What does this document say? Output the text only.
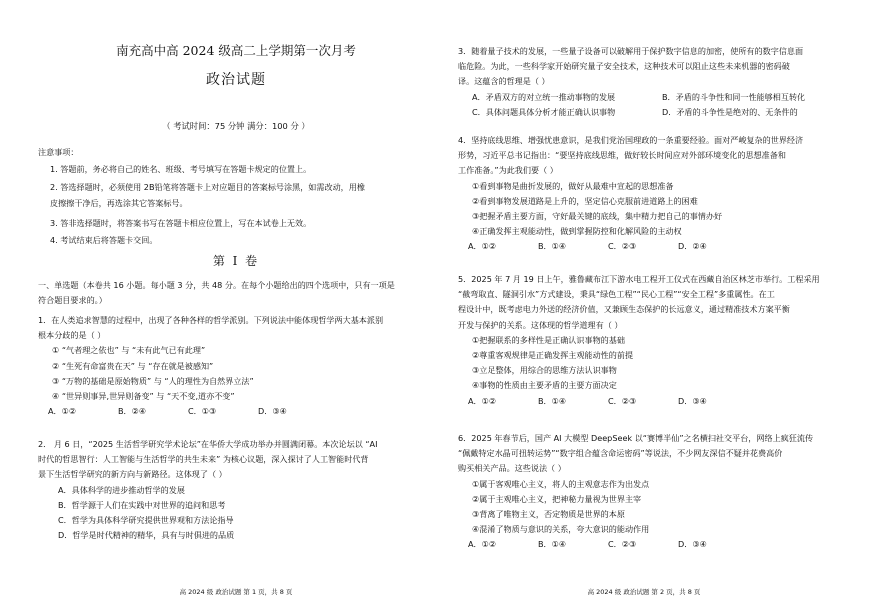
南充高中高 2024 级高二上学期第一次月考
政治试题
（ 考试时间：75 分钟 满分：100 分 ）
注意事项：
1. 答题前，务必将自己的姓名、班级、考号填写在答题卡规定的位置上。
2. 答选择题时，必须使用 2B铅笔将答题卡上对应题目的答案标号涂黑，如需改动，用橡
皮擦擦干净后，再选涂其它答案标号。
3. 答非选择题时，将答案书写在答题卡相应位置上，写在本试卷上无效。
4. 考试结束后将答题卡交回。
第 Ⅰ 卷
一、单选题（本卷共 16 小题。每小题 3 分，共 48 分。在每个小题给出的四个选项中，只有一项是
符合题目要求的。）
1．在人类追求智慧的过程中，出现了各种各样的哲学派别。下列说法中能体现哲学两大基本派别
根本分歧的是（ ）
① “气者理之依也” 与 “未有此气已有此理”
② “生死有命富贵在天” 与 “存在就是被感知”
③ “万物的基础是原始物质” 与 “人的理性为自然界立法”
④ “世异则事异,世异则备变” 与 “天不变,道亦不变”
A．①②	B．②④	C．①③	D．③④
2． 月 6 日，“2025 生活哲学研究学术论坛”在华侨大学成功举办并圆满闭幕。本次论坛以 “AI
时代的哲思智行：人工智能与生活哲学的共生未来” 为核心议题，深入探讨了人工智能时代背
景下生活哲学研究的新方向与新路径。这体现了（ ）
A．具体科学的进步推动哲学的发展
B．哲学源于人们在实践中对世界的追问和思考
C．哲学为具体科学研究提供世界观和方法论指导
D．哲学是时代精神的精华，具有与时俱进的品质
高 2024 级 政治试题 第 1 页，共 8 页
3．随着量子技术的发展，一些量子设备可以破解用于保护数字信息的加密，使所有的数字信息面
临危险。为此，一些科学家开始研究量子安全技术，这种技术可以阻止这些未来机器的密码破
译。这蕴含的哲理是（ ）
A．矛盾双方的对立统一推动事物的发展	B．矛盾的斗争性和同一性能够相互转化
C．具体问题具体分析才能正确认识事物	D．矛盾的斗争性是绝对的、无条件的
4．坚持底线思维、增强忧患意识，是我们党治国理政的一条重要经验。面对严峻复杂的世界经济
形势，习近平总书记指出：“要坚持底线思维，做好较长时间应对外部环境变化的思想准备和
工作准备。”为此我们要（ ）
①看到事物是曲折发展的，做好从最难中宣起的思想准备
②看到事物发展道路是上升的，坚定信心克服前进道路上的困难
③把握矛盾主要方面，守好最关键的底线，集中精力把自己的事情办好
④正确发挥主观能动性，做到掌握防控和化解风险的主动权
A．①②	B．①④	C．②③	D．②④
5．2025 年 7 月 19 日上午，雅鲁藏布江下游水电工程开工仪式在西藏自治区林芝市举行。工程采用
“截弯取直、隧洞引水”方式建设，秉具“绿色工程”“民心工程”“安全工程”多重属性。在工
程设计中，既考虑电力外送的经济价值，又兼顾生态保护的长远意义，通过精准技术方案平衡
开发与保护的关系。这体现的哲学道理有（ ）
①把握联系的多样性是正确认识事物的基础
②尊重客观规律是正确发挥主观能动性的前提
③立足整体，用综合的思维方法认识事物
④事物的性质由主要矛盾的主要方面决定
A．①②	B．①④	C．②③	D．③④
6．2025 年春节后，国产 AI 大模型 DeepSeek 以“赛博半仙”之名横扫社交平台，网络上疯狂流传
“佩戴特定水晶可扭转运势”“数字组合蕴含命运密码”等说法，不少网友深信不疑并花费高价
购买相关产品。这些说法（ ）
①属于客观唯心主义，将人的主观意志作为出发点
②属于主观唯心主义，把神秘力量视为世界主宰
③背离了唯物主义，否定物质是世界的本原
④混淆了物质与意识的关系，夸大意识的能动作用
A．①②	B．①④	C．②③	D．③④
高 2024 级 政治试题 第 2 页，共 8 页
